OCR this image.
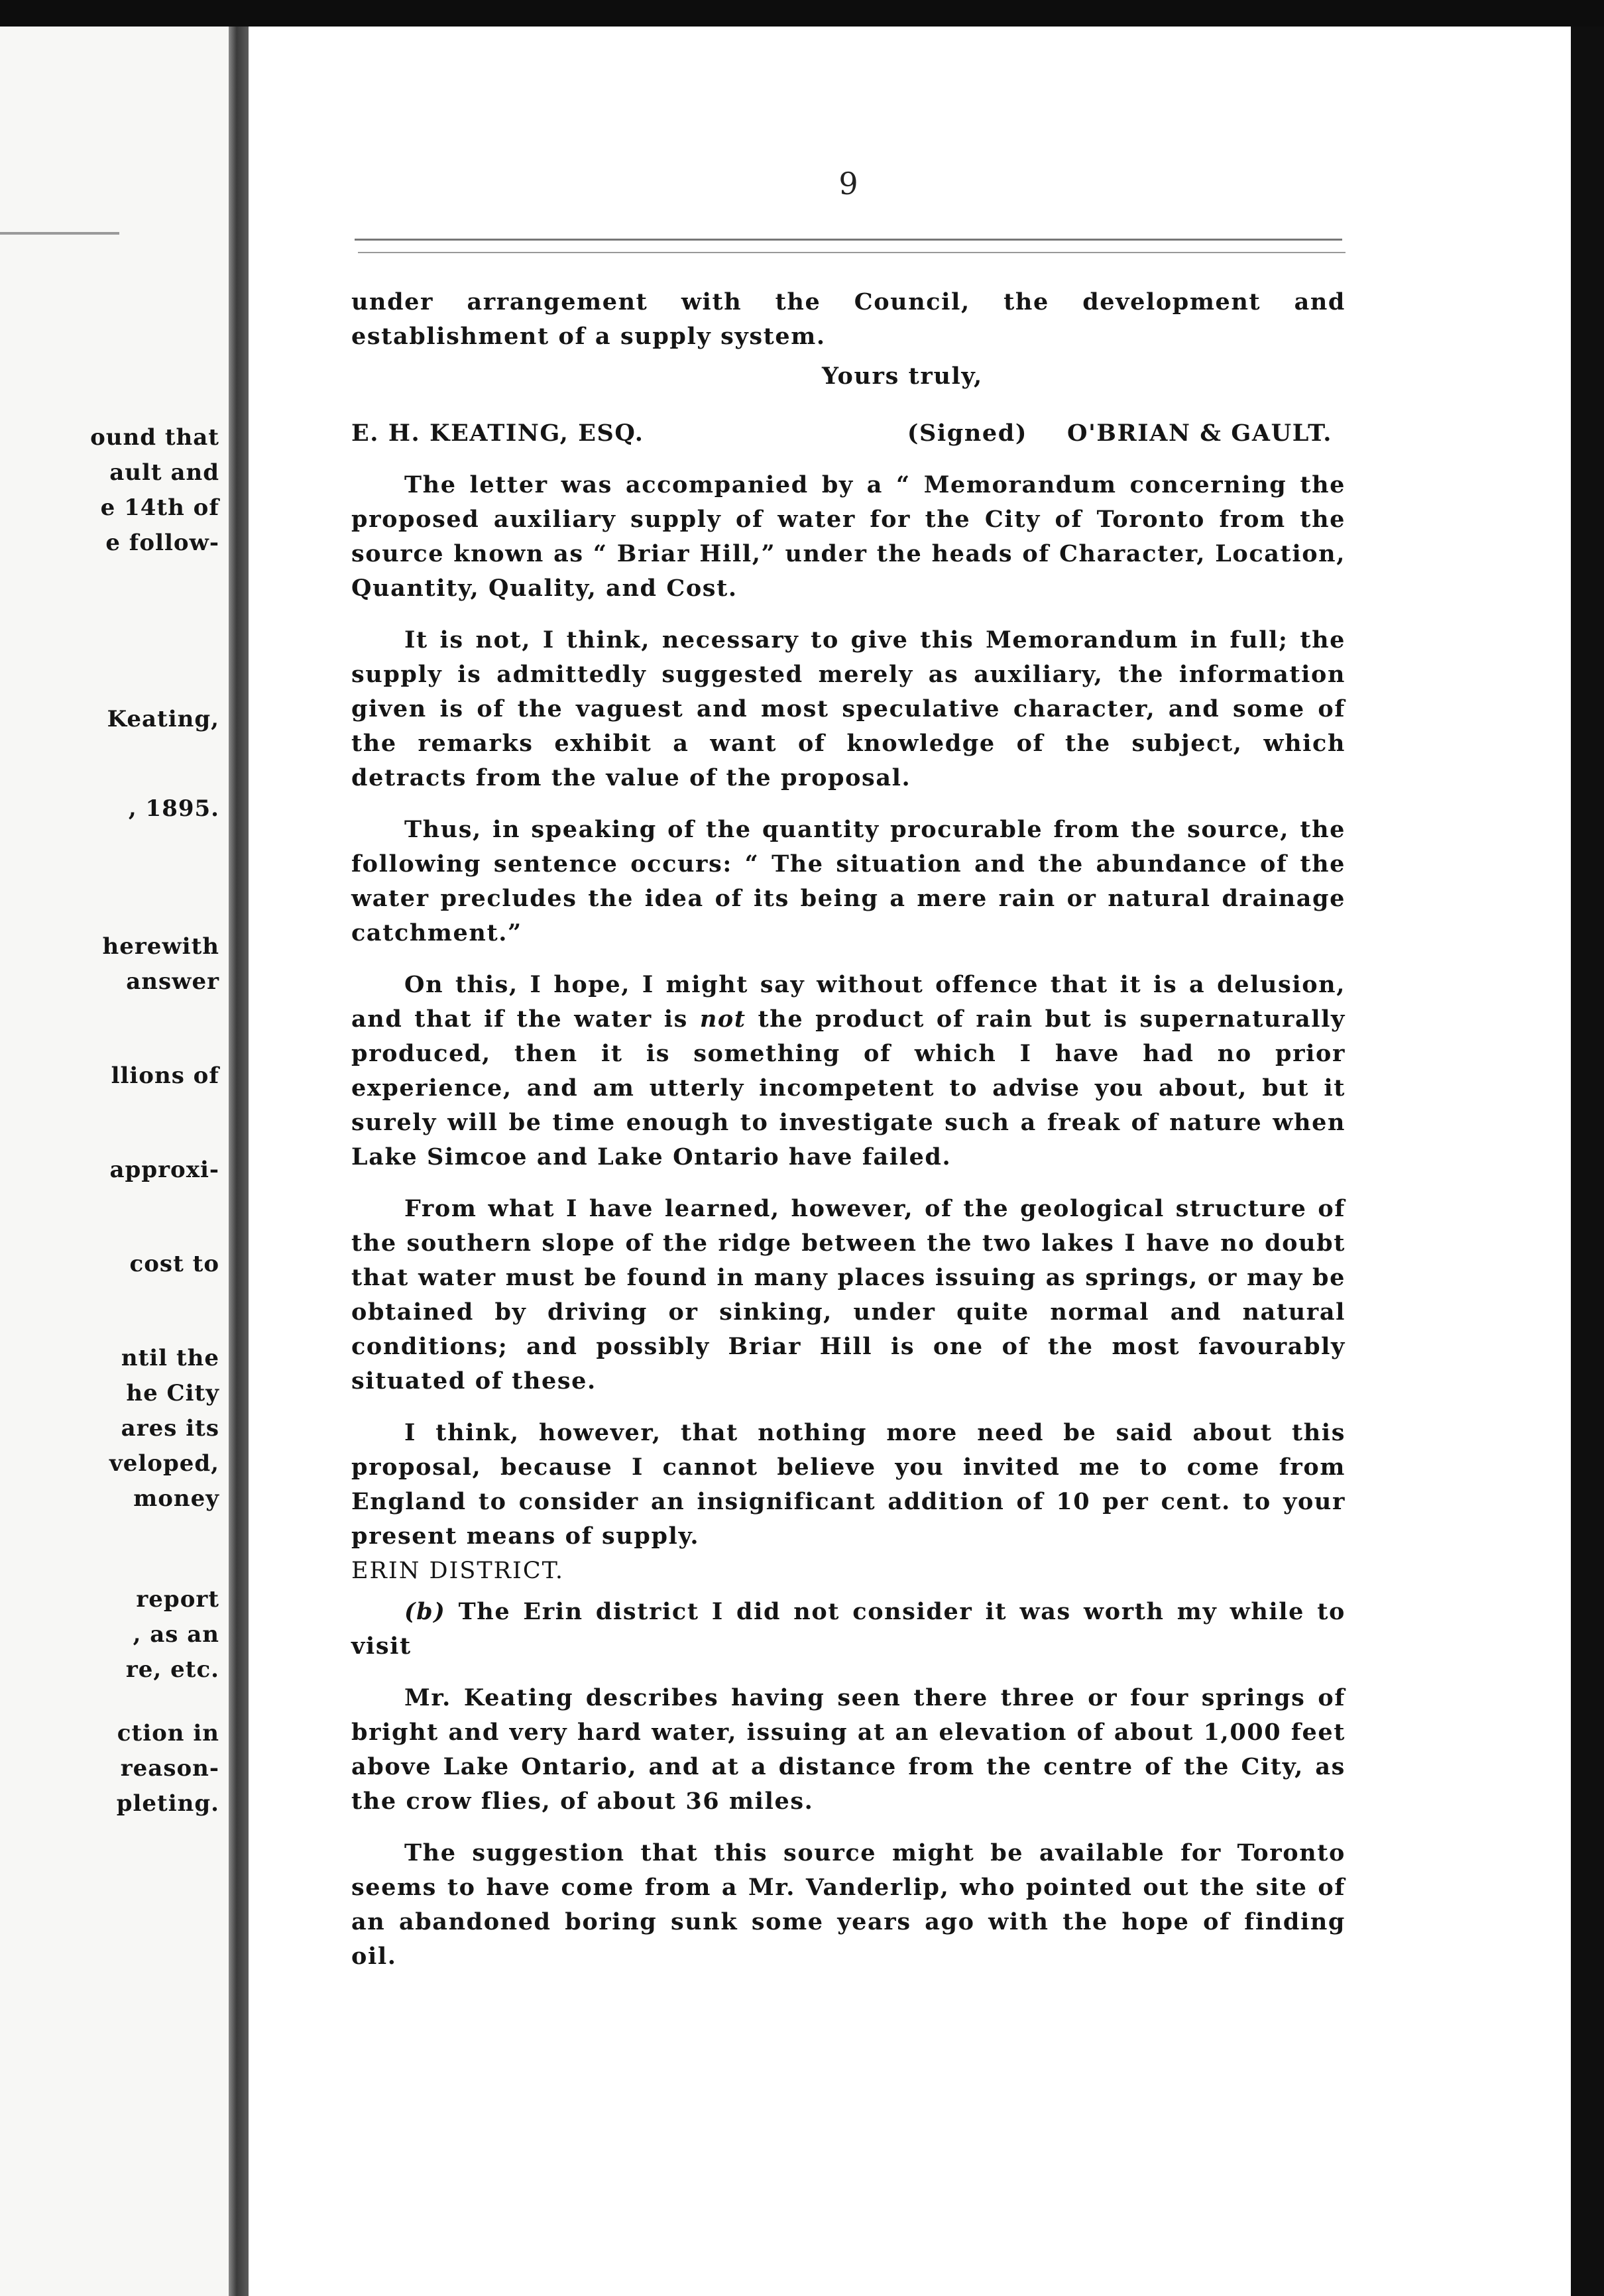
ound that
ault and
e 14th of
e follow-
Keating,
, 1895.
herewith
answer
llions of
approxi-
cost to
ntil the
he City
ares its
veloped,
money
report
, as an
re, etc.
ction in
reason-
pleting.
9

under arrangement with the Council, the development and establishment of a supply system.

Yours truly,

E. H. KEATING, ESQ.	(Signed) O'BRIAN & GAULT.

The letter was accompanied by a “ Memorandum concerning the proposed auxiliary supply of water for the City of Toronto from the source known as “ Briar Hill,” under the heads of Character, Location, Quantity, Quality, and Cost.

It is not, I think, necessary to give this Memorandum in full; the supply is admittedly suggested merely as auxiliary, the information given is of the vaguest and most speculative character, and some of the remarks exhibit a want of knowledge of the subject, which detracts from the value of the proposal.

Thus, in speaking of the quantity procurable from the source, the following sentence occurs: “ The situation and the abundance of the water precludes the idea of its being a mere rain or natural drainage catchment.”

On this, I hope, I might say without offence that it is a delusion, and that if the water is not the product of rain but is supernaturally produced, then it is something of which I have had no prior experience, and am utterly incompetent to advise you about, but it surely will be time enough to investigate such a freak of nature when Lake Simcoe and Lake Ontario have failed.

From what I have learned, however, of the geological structure of the southern slope of the ridge between the two lakes I have no doubt that water must be found in many places issuing as springs, or may be obtained by driving or sinking, under quite normal and natural conditions; and possibly Briar Hill is one of the most favourably situated of these.

I think, however, that nothing more need be said about this proposal, because I cannot believe you invited me to come from England to consider an insignificant addition of 10 per cent. to your present means of supply.

ERIN DISTRICT.

(b) The Erin district I did not consider it was worth my while to visit

Mr. Keating describes having seen there three or four springs of bright and very hard water, issuing at an elevation of about 1,000 feet above Lake Ontario, and at a distance from the centre of the City, as the crow flies, of about 36 miles.

The suggestion that this source might be available for Toronto seems to have come from a Mr. Vanderlip, who pointed out the site of an abandoned boring sunk some years ago with the hope of finding oil.
